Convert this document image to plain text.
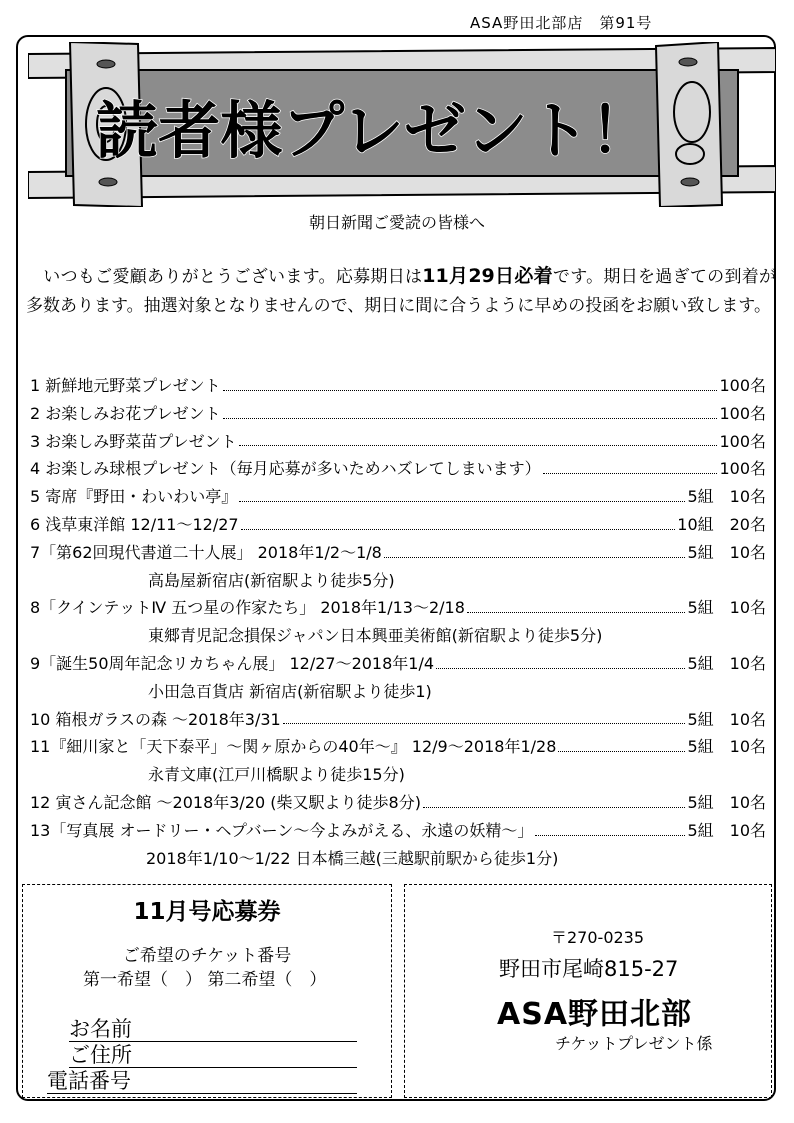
ASA野田北部店　第91号
読者様プレゼント！
朝日新聞ご愛読の皆様へ
　いつもご愛顧ありがとうございます。応募期日は11月29日必着です。期日を過ぎての到着が多数あります。抽選対象となりませんので、期日に間に合うように早めの投函をお願い致します。
1 新鮮地元野菜プレゼント	100名
2 お楽しみお花プレゼント	100名
3 お楽しみ野菜苗プレゼント	100名
4 お楽しみ球根プレゼント（毎月応募が多いためハズレてしまいます）	100名
5 寄席『野田・わいわい亭』	5組　10名
6 浅草東洋館 12/11～12/27	10組　20名
7「第62回現代書道二十人展」 2018年1/2～1/8	5組　10名
高島屋新宿店(新宿駅より徒歩5分)
8「クインテットⅣ 五つ星の作家たち」 2018年1/13～2/18	5組　10名
東郷青児記念損保ジャパン日本興亜美術館(新宿駅より徒歩5分)
9「誕生50周年記念リカちゃん展」 12/27～2018年1/4	5組　10名
小田急百貨店 新宿店(新宿駅より徒歩1)
10 箱根ガラスの森 ～2018年3/31	5組　10名
11『細川家と「天下泰平」～関ヶ原からの40年～』 12/9～2018年1/28	5組　10名
永青文庫(江戸川橋駅より徒歩15分)
12 寅さん記念館 ～2018年3/20 (柴又駅より徒歩8分)	5組　10名
13「写真展 オードリー・ヘプバーン～今よみがえる、永遠の妖精～」	5組　10名
2018年1/10～1/22 日本橋三越(三越駅前駅から徒歩1分)
11月号応募券
ご希望のチケット番号
第一希望（　） 第二希望（　）
お名前
ご住所
電話番号
〒270-0235
野田市尾崎815-27
ASA野田北部
チケットプレゼント係
